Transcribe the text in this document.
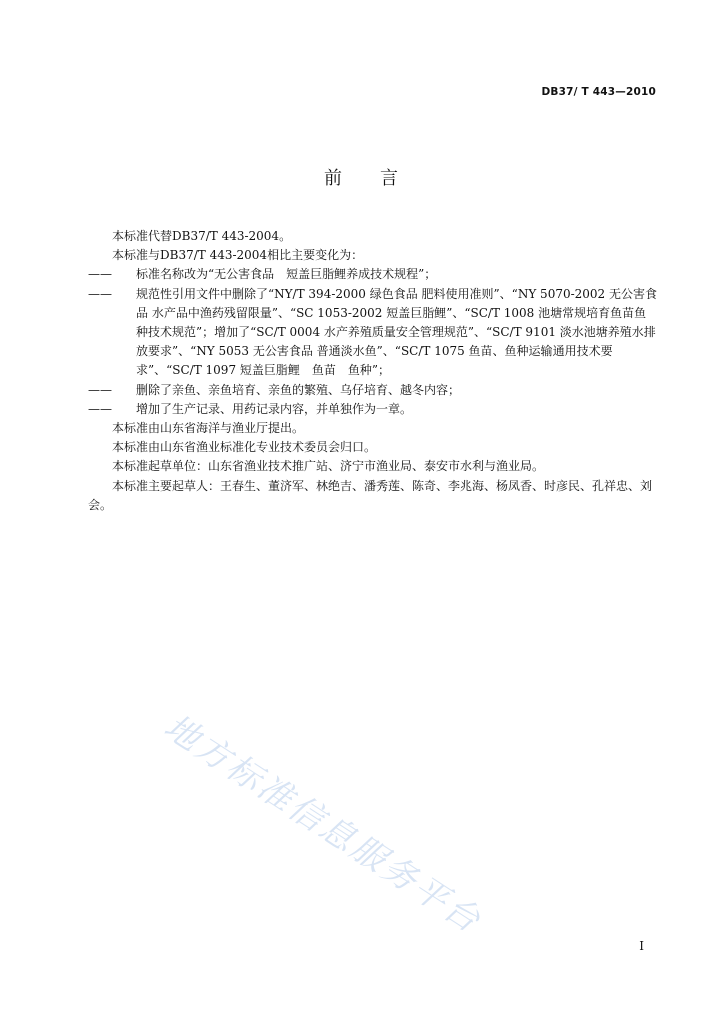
DB37/ T 443—2010
前 言

本标准代替DB37/T 443-2004。

本标准与DB37/T 443-2004相比主要变化为：

—— 标准名称改为“无公害食品　短盖巨脂鲤养成技术规程”；

—— 规范性引用文件中删除了“NY/T 394-2000 绿色食品 肥料使用准则”、“NY 5070-2002 无公害食品 水产品中渔药残留限量”、“SC 1053-2002 短盖巨脂鲤”、“SC/T 1008 池塘常规培育鱼苗鱼种技术规范”；增加了“SC/T 0004 水产养殖质量安全管理规范”、“SC/T 9101 淡水池塘养殖水排放要求”、“NY 5053 无公害食品 普通淡水鱼”、“SC/T 1075 鱼苗、鱼种运输通用技术要求”、“SC/T 1097 短盖巨脂鲤　鱼苗　鱼种”；

—— 删除了亲鱼、亲鱼培育、亲鱼的繁殖、乌仔培育、越冬内容；

—— 增加了生产记录、用药记录内容，并单独作为一章。

本标准由山东省海洋与渔业厅提出。

本标准由山东省渔业标准化专业技术委员会归口。

本标准起草单位：山东省渔业技术推广站、济宁市渔业局、泰安市水利与渔业局。

本标准主要起草人：王春生、董济军、林绝吉、潘秀莲、陈奇、李兆海、杨凤香、时彦民、孔祥忠、刘会。

地方标准信息服务平台
I
